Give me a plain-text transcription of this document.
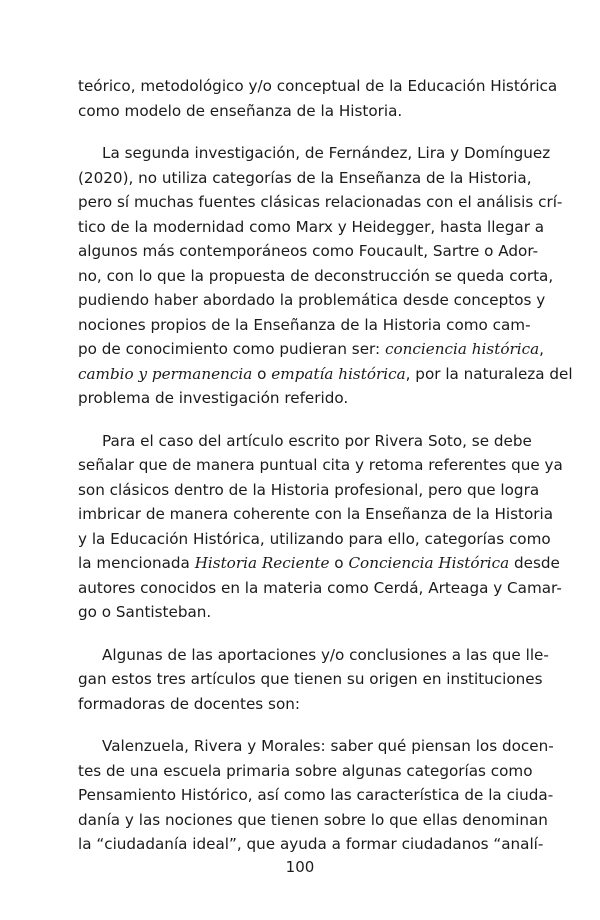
teórico, metodológico y/o conceptual de la Educación Histórica
como modelo de enseñanza de la Historia.
La segunda investigación, de Fernández, Lira y Domínguez
(2020), no utiliza categorías de la Enseñanza de la Historia,
pero sí muchas fuentes clásicas relacionadas con el análisis crí-
tico de la modernidad como Marx y Heidegger, hasta llegar a
algunos más contemporáneos como Foucault, Sartre o Ador-
no, con lo que la propuesta de deconstrucción se queda corta,
pudiendo haber abordado la problemática desde conceptos y
nociones propios de la Enseñanza de la Historia como cam-
po de conocimiento como pudieran ser: conciencia histórica,
cambio y permanencia o empatía histórica, por la naturaleza del
problema de investigación referido.
Para el caso del artículo escrito por Rivera Soto, se debe
señalar que de manera puntual cita y retoma referentes que ya
son clásicos dentro de la Historia profesional, pero que logra
imbricar de manera coherente con la Enseñanza de la Historia
y la Educación Histórica, utilizando para ello, categorías como
la mencionada Historia Reciente o Conciencia Histórica desde
autores conocidos en la materia como Cerdá, Arteaga y Camar-
go o Santisteban.
Algunas de las aportaciones y/o conclusiones a las que lle-
gan estos tres artículos que tienen su origen en instituciones
formadoras de docentes son:
Valenzuela, Rivera y Morales: saber qué piensan los docen-
tes de una escuela primaria sobre algunas categorías como
Pensamiento Histórico, así como las característica de la ciuda-
danía y las nociones que tienen sobre lo que ellas denominan
la “ciudadanía ideal”, que ayuda a formar ciudadanos “analí-
100
